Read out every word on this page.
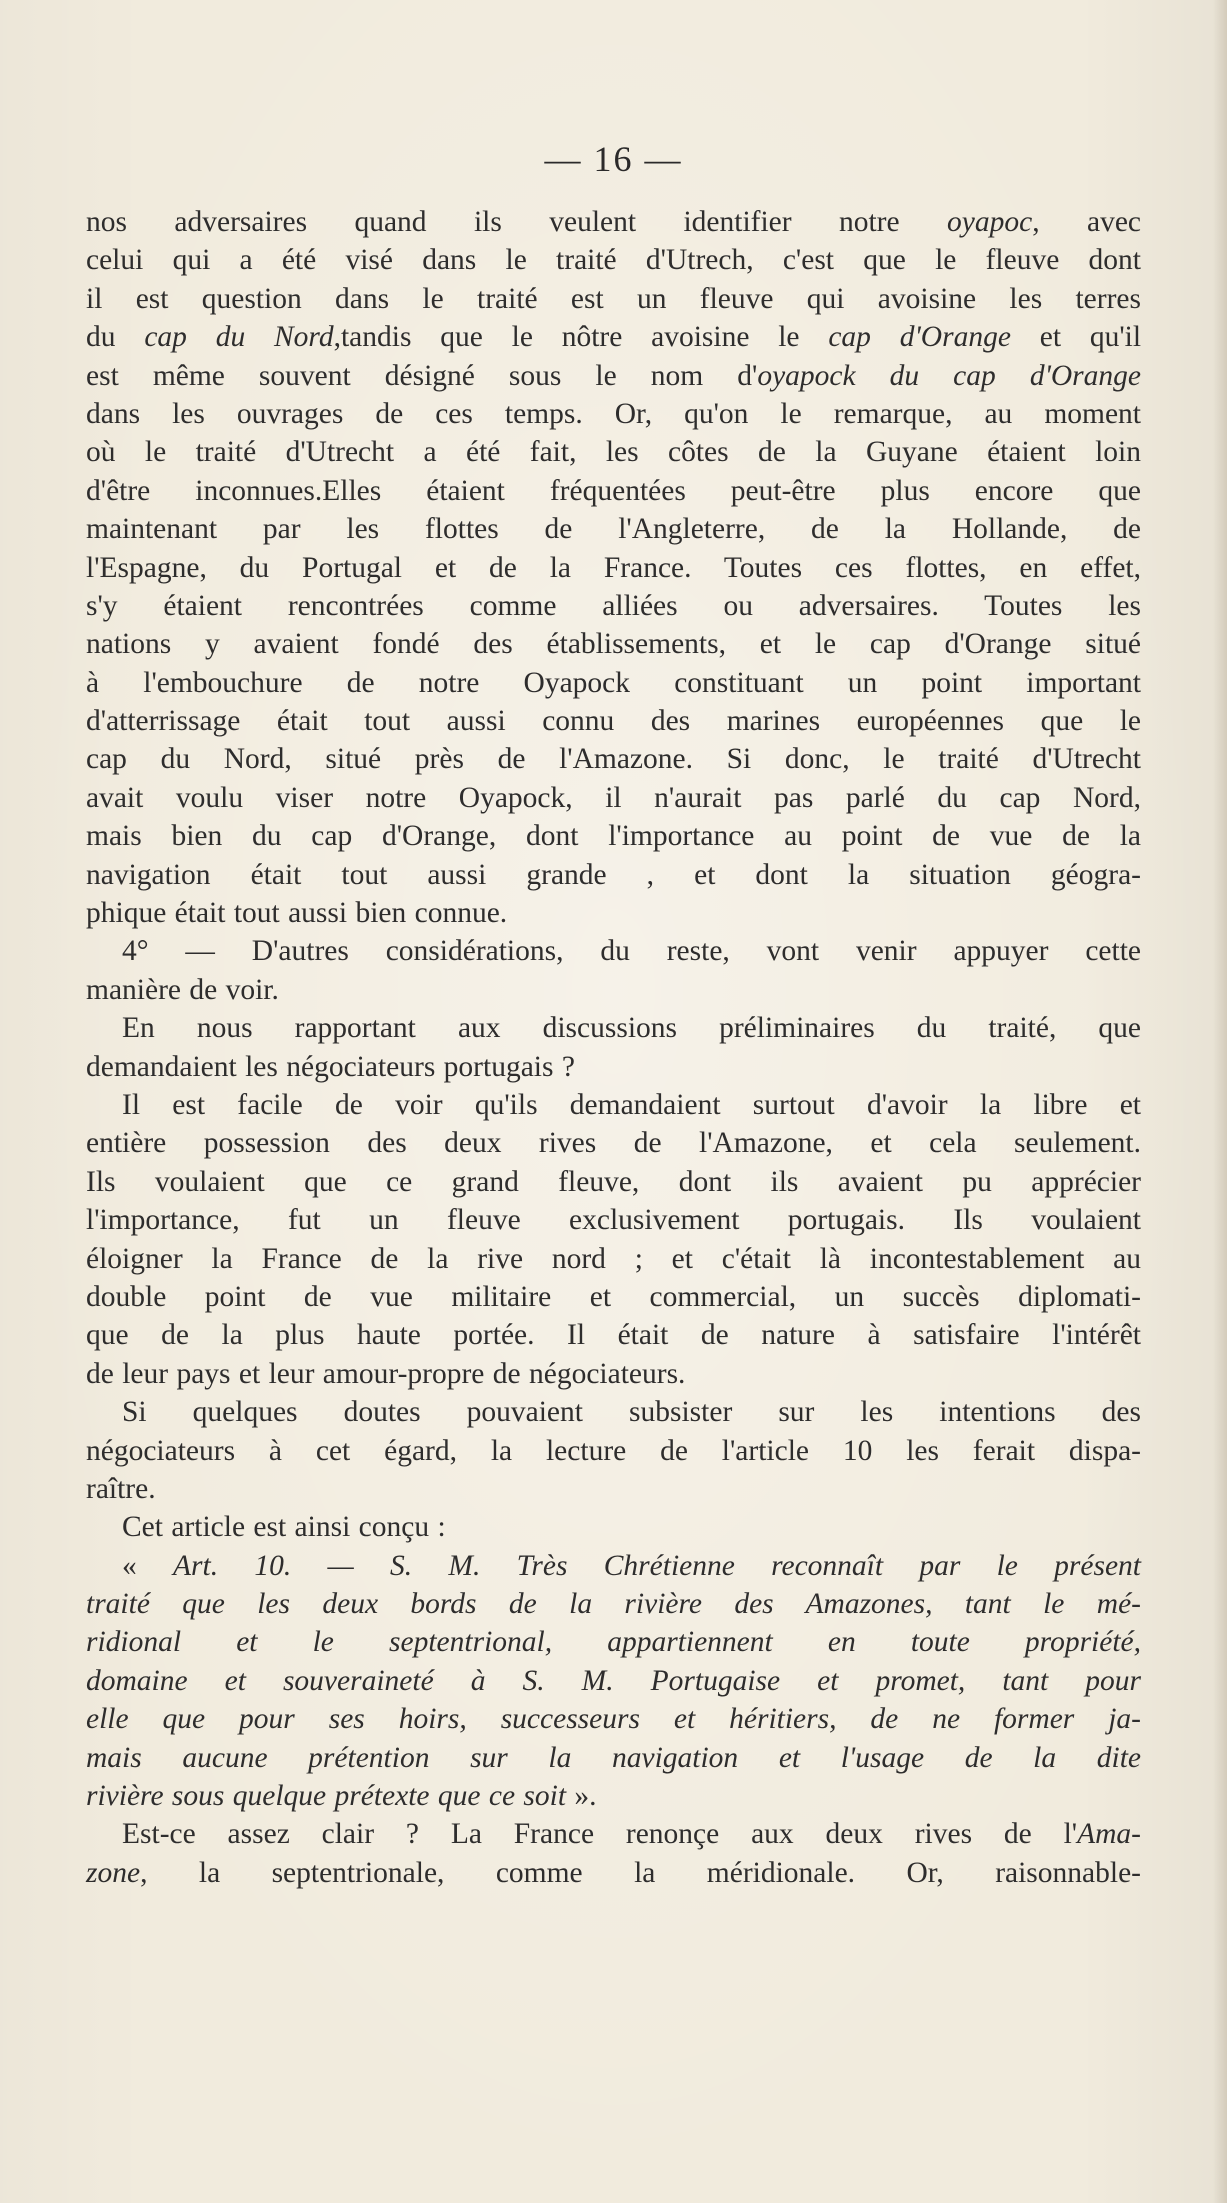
— 16 —
nos adversaires quand ils veulent identifier notre oyapoc, avec
celui qui a été visé dans le traité d'Utrech, c'est que le fleuve dont
il est question dans le traité est un fleuve qui avoisine les terres
du cap du Nord,tandis que le nôtre avoisine le cap d'Orange et qu'il
est même souvent désigné sous le nom d'oyapock du cap d'Orange
dans les ouvrages de ces temps. Or, qu'on le remarque, au moment
où le traité d'Utrecht a été fait, les côtes de la Guyane étaient loin
d'être inconnues.Elles étaient fréquentées peut-être plus encore que
maintenant par les flottes de l'Angleterre, de la Hollande, de
l'Espagne, du Portugal et de la France. Toutes ces flottes, en effet,
s'y étaient rencontrées comme alliées ou adversaires. Toutes les
nations y avaient fondé des établissements, et le cap d'Orange situé
à l'embouchure de notre Oyapock constituant un point important
d'atterrissage était tout aussi connu des marines européennes que le
cap du Nord, situé près de l'Amazone. Si donc, le traité d'Utrecht
avait voulu viser notre Oyapock, il n'aurait pas parlé du cap Nord,
mais bien du cap d'Orange, dont l'importance au point de vue de la
navigation était tout aussi grande , et dont la situation géogra-
phique était tout aussi bien connue.
4° — D'autres considérations, du reste, vont venir appuyer cette
manière de voir.
En nous rapportant aux discussions préliminaires du traité, que
demandaient les négociateurs portugais ?
Il est facile de voir qu'ils demandaient surtout d'avoir la libre et
entière possession des deux rives de l'Amazone, et cela seulement.
Ils voulaient que ce grand fleuve, dont ils avaient pu apprécier
l'importance, fut un fleuve exclusivement portugais. Ils voulaient
éloigner la France de la rive nord ; et c'était là incontestablement au
double point de vue militaire et commercial, un succès diplomati-
que de la plus haute portée. Il était de nature à satisfaire l'intérêt
de leur pays et leur amour-propre de négociateurs.
Si quelques doutes pouvaient subsister sur les intentions des
négociateurs à cet égard, la lecture de l'article 10 les ferait dispa-
raître.
Cet article est ainsi conçu :
« Art. 10. — S. M. Très Chrétienne reconnaît par le présent
traité que les deux bords de la rivière des Amazones, tant le mé-
ridional et le septentrional, appartiennent en toute propriété,
domaine et souveraineté à S. M. Portugaise et promet, tant pour
elle que pour ses hoirs, successeurs et héritiers, de ne former ja-
mais aucune prétention sur la navigation et l'usage de la dite
rivière sous quelque prétexte que ce soit ».
Est-ce assez clair ? La France renonçe aux deux rives de l'Ama-
zone, la septentrionale, comme la méridionale. Or, raisonnable-
